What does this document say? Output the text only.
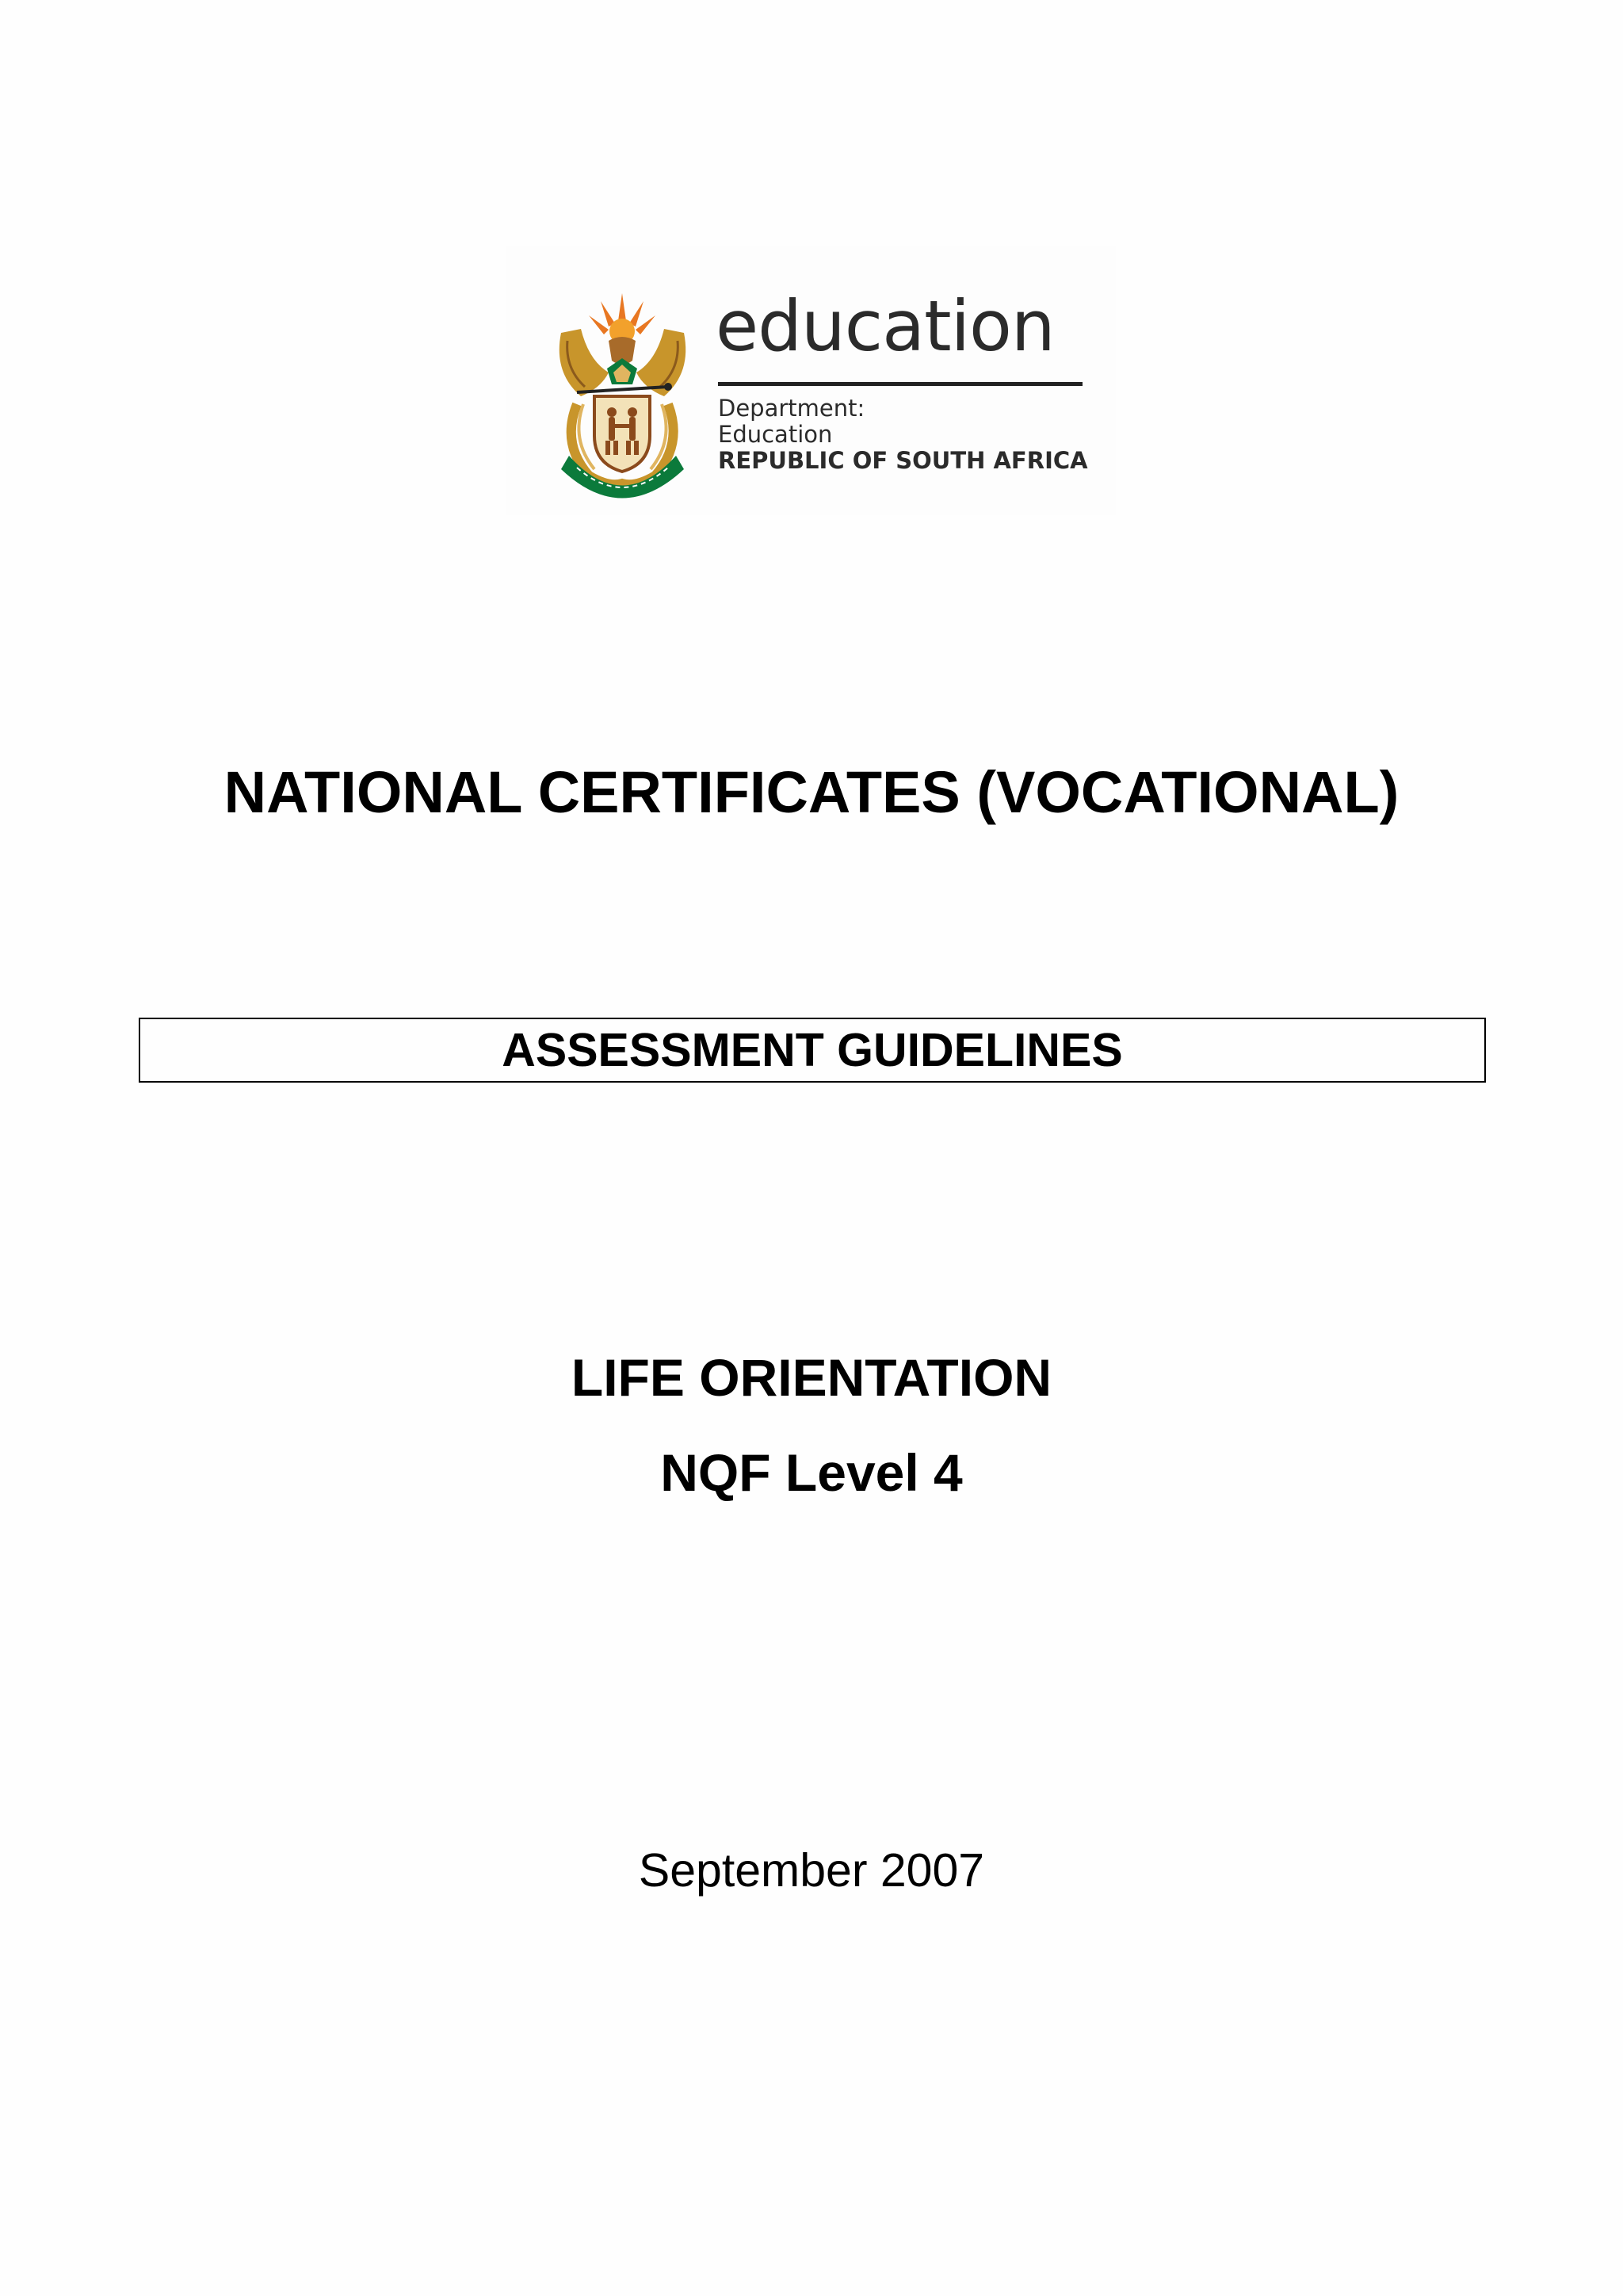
education
Department:
Education
REPUBLIC OF SOUTH AFRICA
NATIONAL CERTIFICATES (VOCATIONAL)
ASSESSMENT GUIDELINES
LIFE ORIENTATION
NQF Level 4
September 2007
